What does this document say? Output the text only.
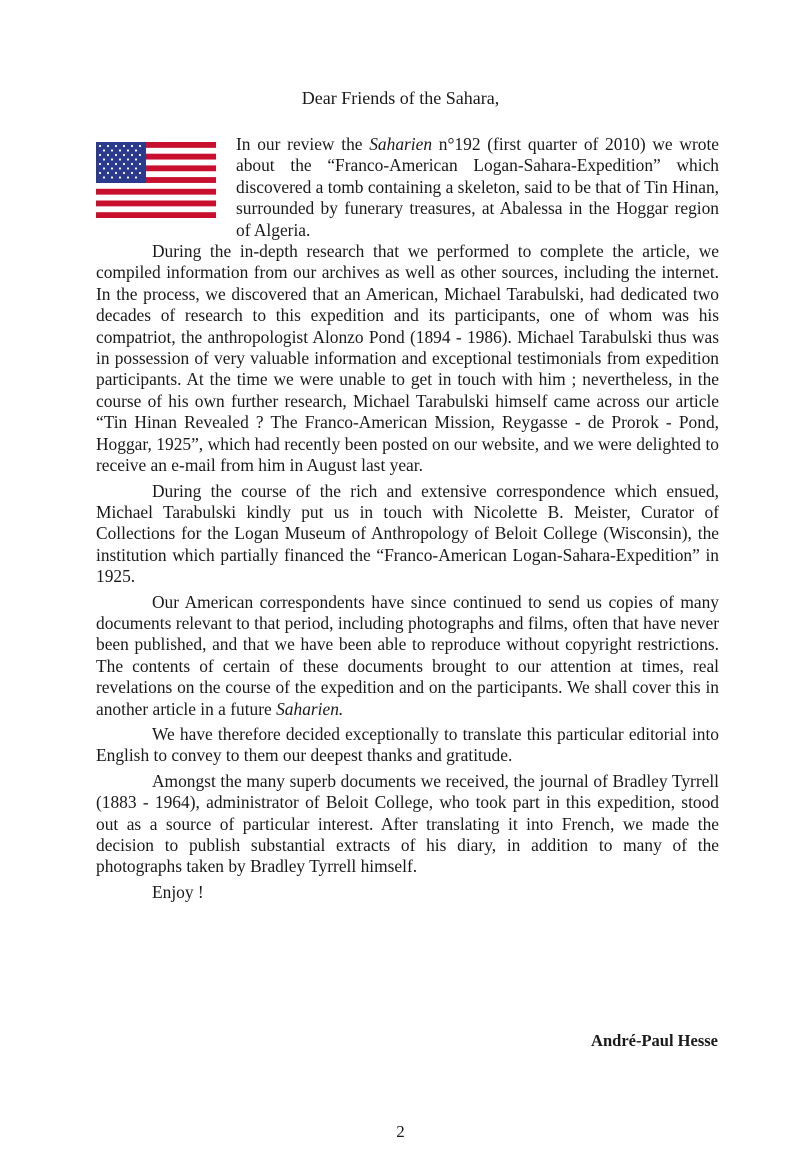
Dear Friends of the Sahara,

In our review the Saharien n°192 (first quarter of 2010) we wrote about the “Franco-American Logan-Sahara-Expedition” which discovered a tomb containing a skeleton, said to be that of Tin Hinan, surrounded by funerary treasures, at Abalessa in the Hoggar region of Algeria.

During the in-depth research that we performed to complete the article, we compiled information from our archives as well as other sources, including the internet. In the process, we discovered that an American, Michael Tarabulski, had dedicated two decades of research to this expedition and its participants, one of whom was his compatriot, the anthropologist Alonzo Pond (1894 - 1986). Michael Tarabulski thus was in possession of very valuable information and exceptional testimonials from expedition participants. At the time we were unable to get in touch with him ; nevertheless, in the course of his own further research, Michael Tarabulski himself came across our article “Tin Hinan Revealed ? The Franco-American Mission, Reygasse - de Prorok - Pond, Hoggar, 1925”, which had recently been posted on our website, and we were delighted to receive an e-mail from him in August last year.

During the course of the rich and extensive correspondence which ensued, Michael Tarabulski kindly put us in touch with Nicolette B. Meister, Curator of Collections for the Logan Museum of Anthropology of Beloit College (Wisconsin), the institution which partially financed the “Franco-American Logan-Sahara-Expedition” in 1925.

Our American correspondents have since continued to send us copies of many documents relevant to that period, including photographs and films, often that have never been published, and that we have been able to reproduce without copyright restrictions. The contents of certain of these documents brought to our attention at times, real revelations on the course of the expedition and on the participants. We shall cover this in another article in a future Saharien.

We have therefore decided exceptionally to translate this particular editorial into English to convey to them our deepest thanks and gratitude.

Amongst the many superb documents we received, the journal of Bradley Tyrrell (1883 - 1964), administrator of Beloit College, who took part in this expedition, stood out as a source of particular interest. After translating it into French, we made the decision to publish substantial extracts of his diary, in addition to many of the photographs taken by Bradley Tyrrell himself.

Enjoy !

André-Paul Hesse
2
